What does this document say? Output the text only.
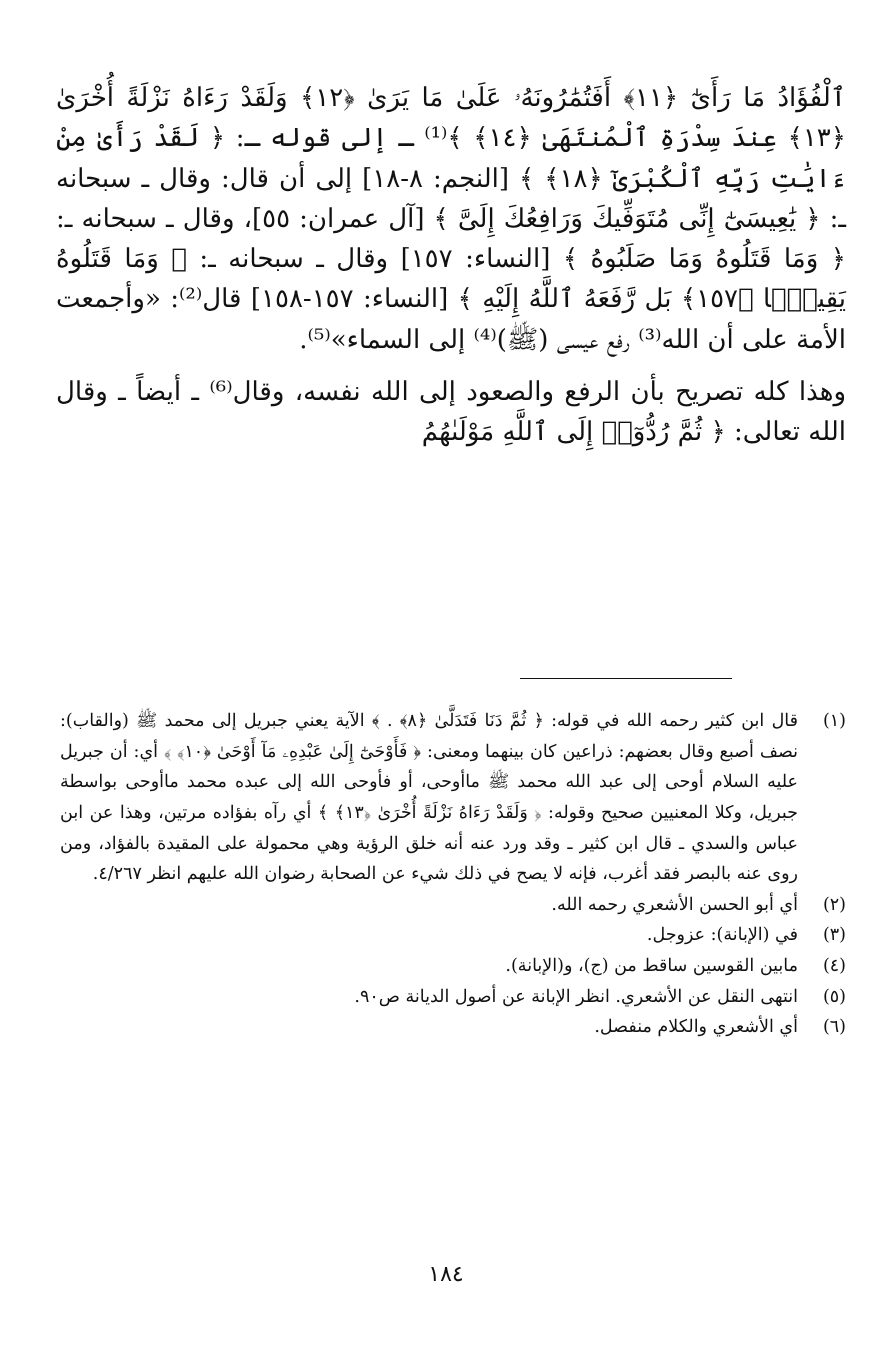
ٱلْفُؤَادُ مَا رَأَىٰٓ ﴿١١﴾ أَفَتُمَٰرُونَهُۥ عَلَىٰ مَا يَرَىٰ ﴿١٢﴾ وَلَقَدْ رَءَاهُ نَزْلَةً أُخْرَىٰ ﴿١٣﴾ عِندَ سِدْرَةِ ٱلْمُنتَهَىٰ ﴿١٤﴾ ﴾⁽¹⁾ ـ إلى قوله ـ: ﴿ لَقَدْ رَأَىٰ مِنْ ءَايَٰتِ رَبِّهِ ٱلْكُبْرَىٰٓ ﴿١٨﴾ ﴾ [النجم: ٨-١٨] إلى أن قال: وقال ـ سبحانه ـ: ﴿ يَٰعِيسَىٰٓ إِنِّى مُتَوَفِّيكَ وَرَافِعُكَ إِلَىَّ ﴾ [آل عمران: ٥٥]، وقال ـ سبحانه ـ: ﴿ وَمَا قَتَلُوهُ وَمَا صَلَبُوهُ ﴾ [النساء: ١٥٧] وقال ـ سبحانه ـ: ﴿ وَمَا قَتَلُوهُ يَقِينًۢا ﴿١٥٧﴾ بَل رَّفَعَهُ ٱللَّهُ إِلَيْهِ ﴾ [النساء: ١٥٧-١٥٨] قال⁽²⁾: «وأجمعت الأمة على أن الله⁽³⁾ رفع عيسى (ﷺ)⁽⁴⁾ إلى السماء»⁽⁵⁾.

وهذا كله تصريح بأن الرفع والصعود إلى الله نفسه، وقال⁽⁶⁾ ـ أيضاً ـ وقال الله تعالى: ﴿ ثُمَّ رُدُّوٓا۟ إِلَى ٱللَّهِ مَوْلَىٰهُمُ

(١)
قال ابن كثير رحمه الله في قوله: ﴿ ثُمَّ دَنَا فَتَدَلَّىٰ ﴿٨﴾ . ﴾ الآية يعني جبريل إلى محمد ﷺ (والقاب): نصف أصبع وقال بعضهم: ذراعين كان بينهما ومعنى: ﴿ فَأَوْحَىٰٓ إِلَىٰ عَبْدِهِۦ مَآ أَوْحَىٰ ﴿١٠﴾ ﴾ أي: أن جبريل عليه السلام أوحى إلى عبد الله محمد ﷺ ماأوحى، أو فأوحى الله إلى عبده محمد ماأوحى بواسطة جبريل، وكلا المعنيين صحيح وقوله: ﴿ وَلَقَدْ رَءَاهُ نَزْلَةً أُخْرَىٰ ﴿١٣﴾ ﴾ أي رآه بفؤاده مرتين، وهذا عن ابن عباس والسدي ـ قال ابن كثير ـ وقد ورد عنه أنه خلق الرؤية وهي محمولة على المقيدة بالفؤاد، ومن روى عنه بالبصر فقد أغرب، فإنه لا يصح في ذلك شيء عن الصحابة رضوان الله عليهم انظر ٤/٢٦٧.
(٢)
أي أبو الحسن الأشعري رحمه الله.
(٣)
في (الإبانة): عزوجل.
(٤)
مابين القوسين ساقط من (ج)، و(الإبانة).
(٥)
انتهى النقل عن الأشعري. انظر الإبانة عن أصول الديانة ص٩٠.
(٦)
أي الأشعري والكلام منفصل.
١٨٤
